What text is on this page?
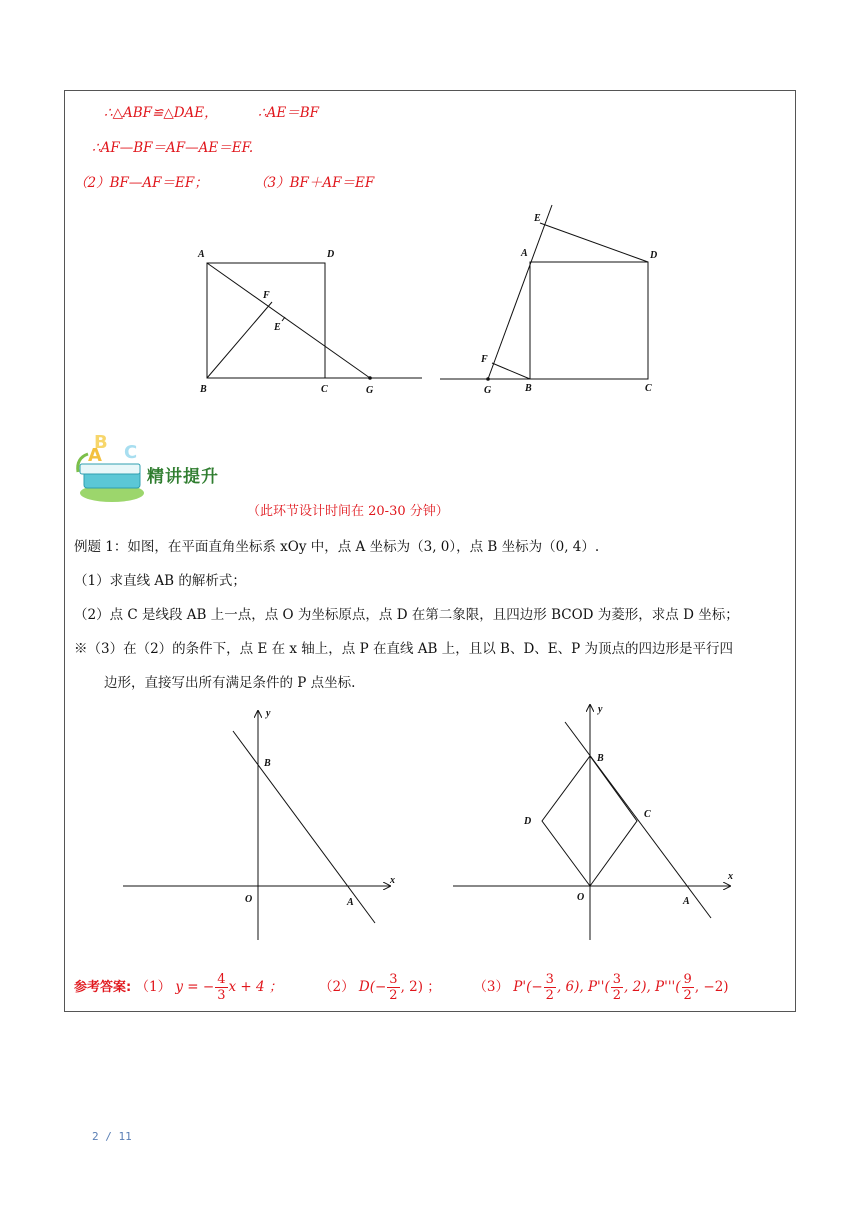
∴△ABF≌△DAE，	∴AE＝BF
∴AF—BF＝AF—AE＝EF.
（2）BF—AF＝EF；	（3）BF＋AF＝EF
A	D
F
E
B	C	G
E
A	D
F
G	B	C
A
B C
精讲提升
（此环节设计时间在 20-30 分钟）
例题 1：如图，在平面直角坐标系 xOy 中，点 A 坐标为（3, 0），点 B 坐标为（0, 4）.
（1）求直线 AB 的解析式；
（2）点 C 是线段 AB 上一点，点 O 为坐标原点，点 D 在第二象限，且四边形 BCOD 为菱形，求点 D 坐标；
※（3）在（2）的条件下，点 E 在 x 轴上，点 P 在直线 AB 上，且以 B、D、E、P 为顶点的四边形是平行四
边形，直接写出所有满足条件的 P 点坐标.
y
B
O	A
x
y
B
D
C
O	A
x
参考答案: （1） y = − $\frac{4}{3}$ x + 4 ；	（2） $D(- \frac{3}{2}$ , 2) ； （3） $P'(- \frac{3}{2}$ , 6), $P''( \frac{3}{2}$ , 2), $P'''( \frac{9}{2}$ , −2)
2 / 11
